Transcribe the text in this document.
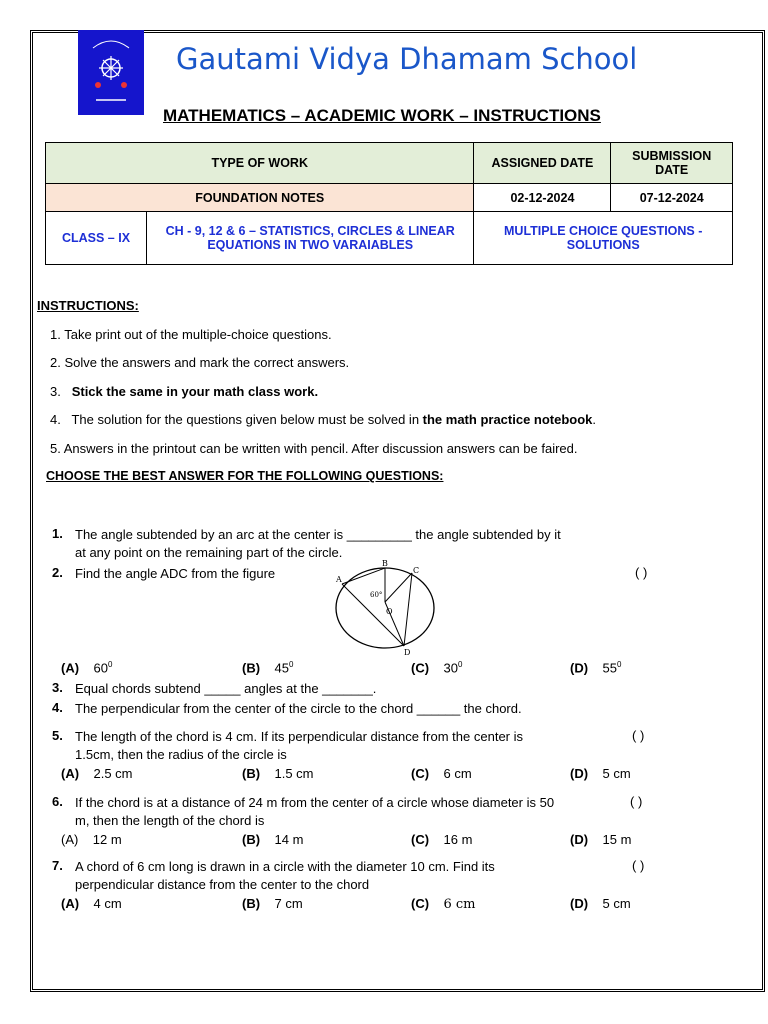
Gautami Vidya Dhamam School
MATHEMATICS – ACADEMIC WORK – INSTRUCTIONS
TYPE OF WORK		ASSIGNED DATE	SUBMISSION DATE
FOUNDATION NOTES		02-12-2024	07-12-2024
CLASS – IX	CH - 9, 12 & 6 – STATISTICS, CIRCLES & LINEAR EQUATIONS IN TWO VARAIABLES	MULTIPLE CHOICE QUESTIONS - SOLUTIONS	
INSTRUCTIONS:
1. Take print out of the multiple-choice questions.
2. Solve the answers and mark the correct answers.
3.   Stick the same in your math class work.
4.   The solution for the questions given below must be solved in the math practice notebook.
5. Answers in the printout can be written with pencil. After discussion answers can be faired.
CHOOSE THE BEST ANSWER FOR THE FOLLOWING QUESTIONS:
1. The angle subtended by an arc at the center is _________ the angle subtended by it
at any point on the remaining part of the circle.
2. Find the angle ADC from the figure	( )
A
B
C
O
D
60°
(A) $60^0$	(B) $45^0$	(C) $30^0$	(D) $55^0$
3. Equal chords subtend _____ angles at the _______.
4. The perpendicular from the center of the circle to the chord ______ the chord.
5. The length of the chord is 4 cm. If its perpendicular distance from the center is
1.5cm, then the radius of the circle is
( )
(A) 2.5 cm	(B) 1.5 cm	(C) 6 cm	(D) 5 cm
6. If the chord is at a distance of 24 m from the center of a circle whose diameter is 50
m, then the length of the chord is
( )
(A) 12 m	(B) 14 m	(C) 16 m	(D) 15 m
7. A chord of 6 cm long is drawn in a circle with the diameter 10 cm. Find its
perpendicular distance from the center to the chord
( )
(A) 4 cm	(B) 7 cm	(C) 6 cm	(D) 5 cm
